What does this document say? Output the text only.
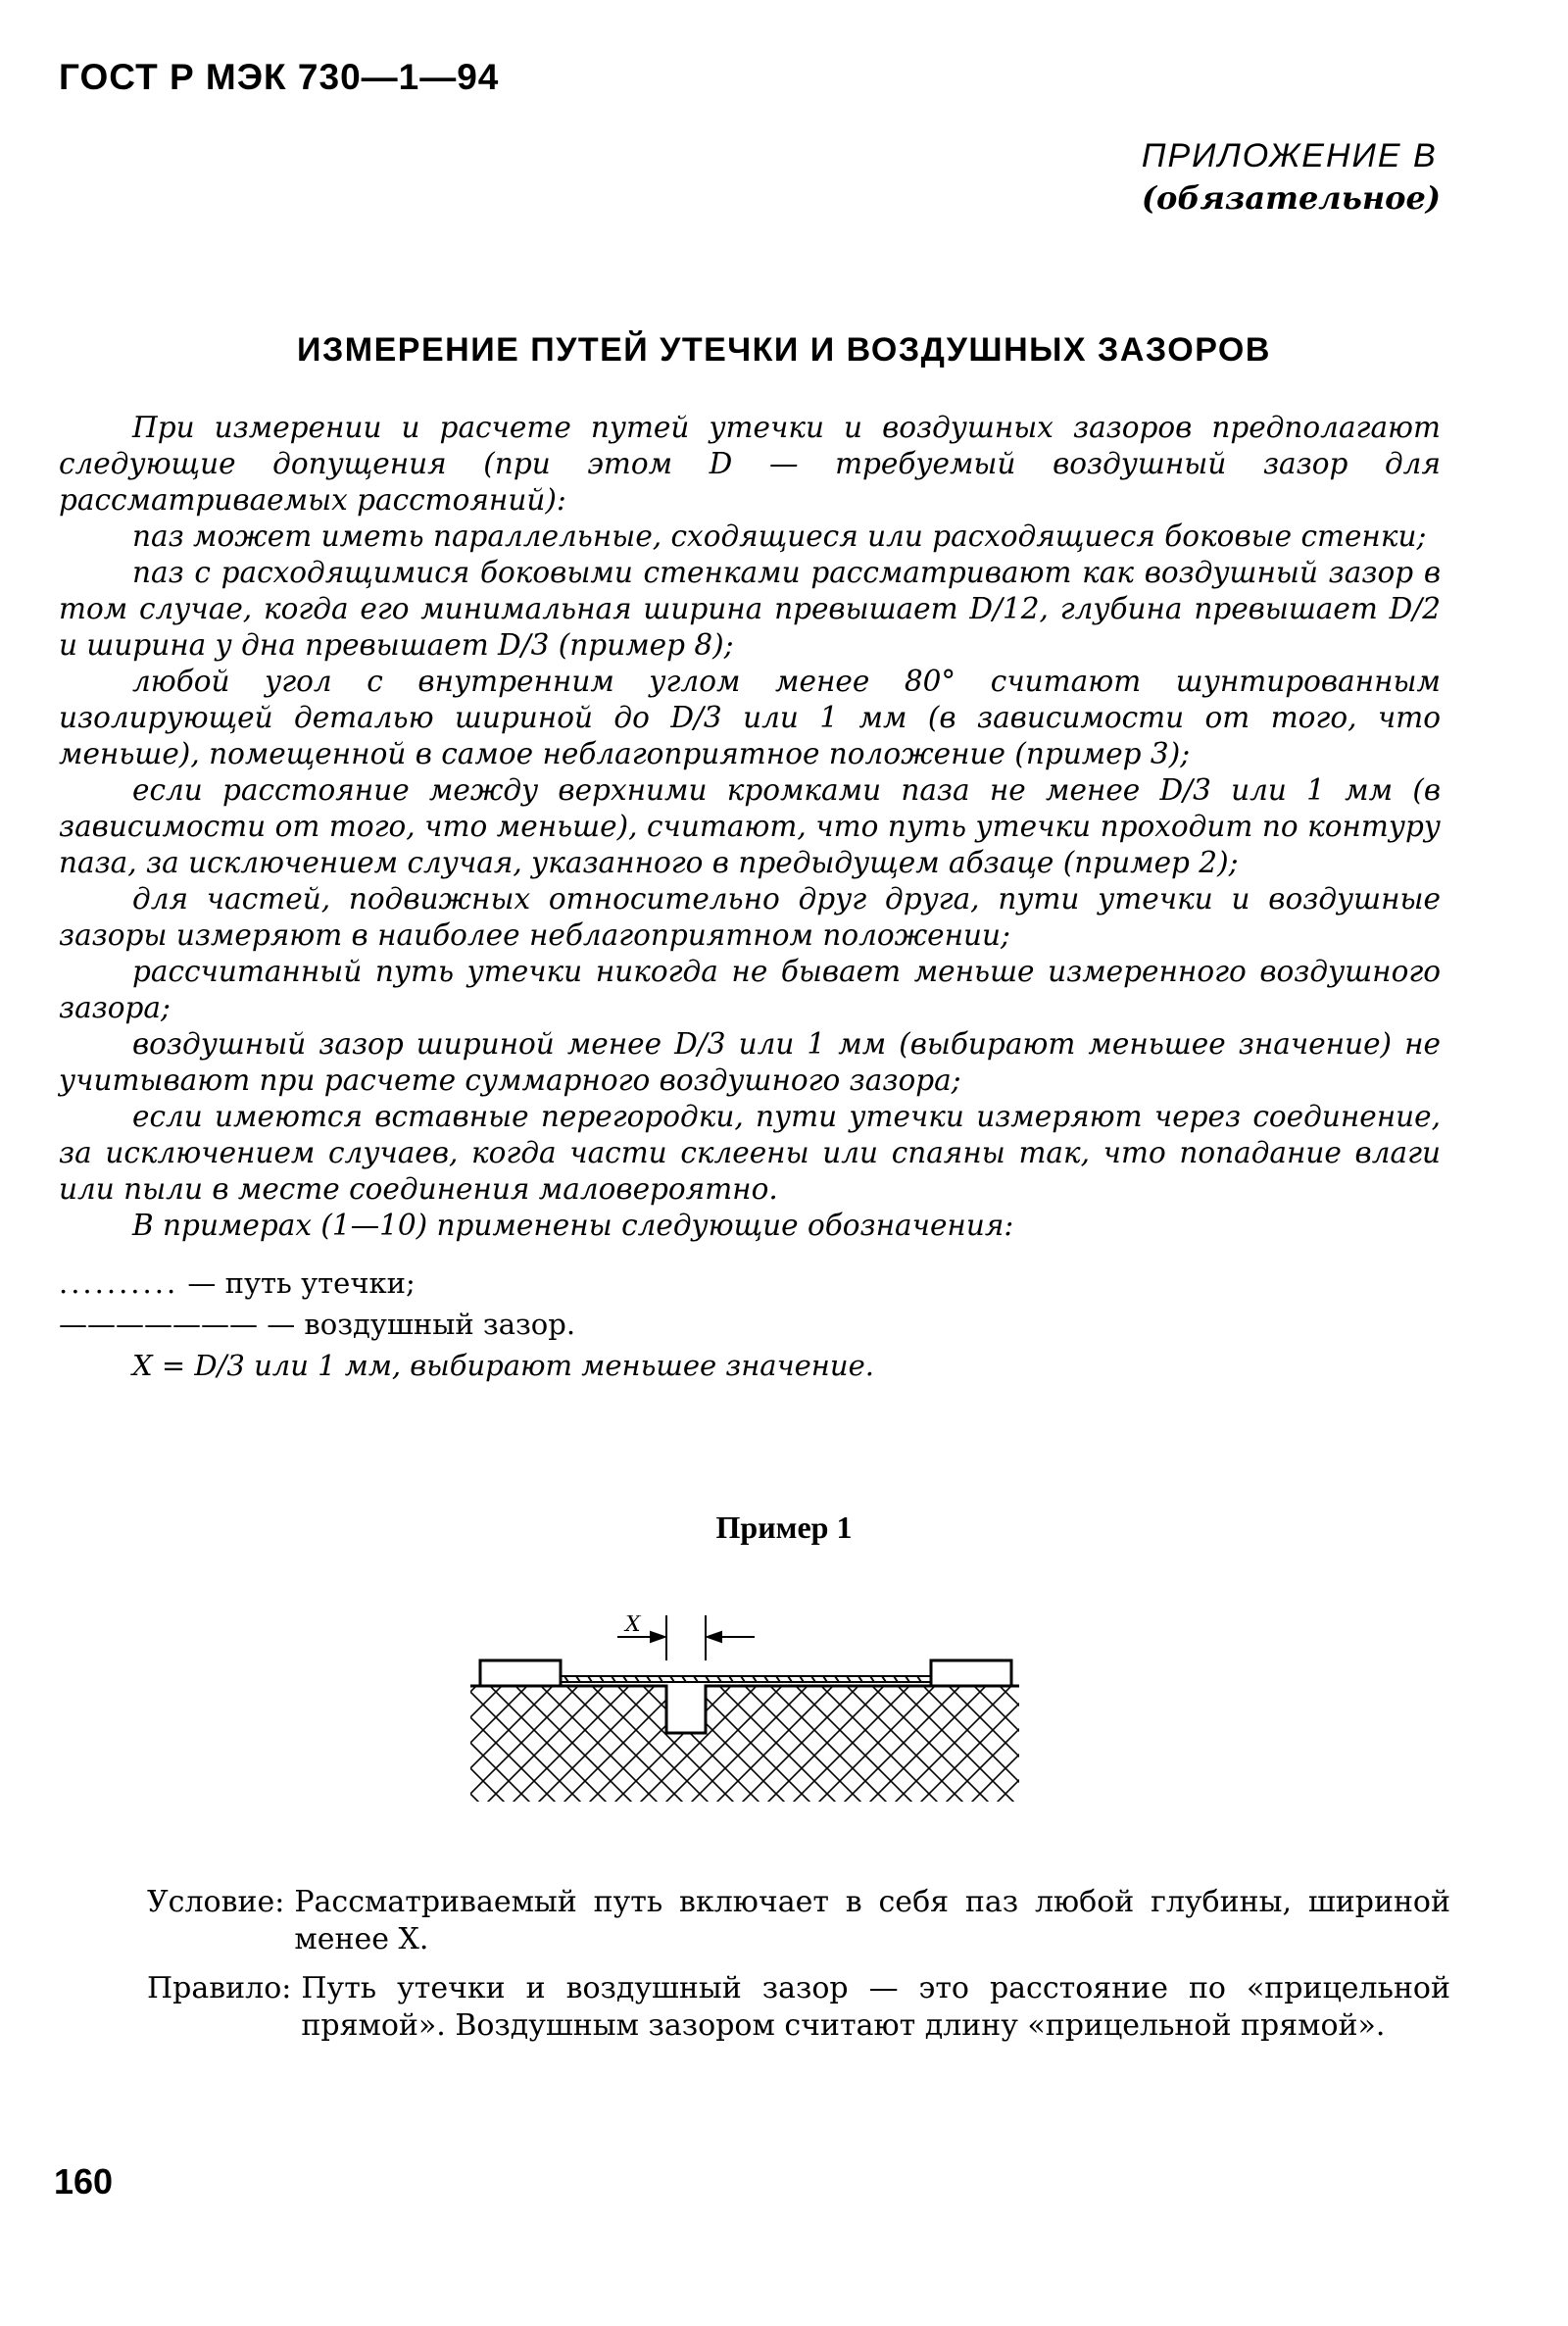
ГОСТ Р МЭК 730—1—94
ПРИЛОЖЕНИЕ В
(обязательное)
ИЗМЕРЕНИЕ ПУТЕЙ УТЕЧКИ И ВОЗДУШНЫХ ЗАЗОРОВ

При измерении и расчете путей утечки и воздушных зазоров предполагают следующие допущения (при этом D — требуемый воздушный зазор для рассматриваемых расстояний):

паз может иметь параллельные, сходящиеся или расходящиеся боковые стенки;

паз с расходящимися боковыми стенками рассматривают как воздушный зазор в том случае, когда его минимальная ширина превышает D/12, глубина превышает D/2 и ширина у дна превышает D/3 (пример 8);

любой угол с внутренним углом менее 80° считают шунтированным изолирующей деталью шириной до D/3 или 1 мм (в зависимости от того, что меньше), помещенной в самое неблагоприятное положение (пример 3);

если расстояние между верхними кромками паза не менее D/3 или 1 мм (в зависимости от того, что меньше), считают, что путь утечки проходит по контуру паза, за исключением случая, указанного в предыдущем абзаце (пример 2);

для частей, подвижных относительно друг друга, пути утечки и воздушные зазоры измеряют в наиболее неблагоприятном положении;

рассчитанный путь утечки никогда не бывает меньше измеренного воздушного зазора;

воздушный зазор шириной менее D/3 или 1 мм (выбирают меньшее значение) не учитывают при расчете суммарного воздушного зазора;

если имеются вставные перегородки, пути утечки измеряют через соединение, за исключением случаев, когда части склеены или спаяны так, что попадание влаги или пыли в месте соединения маловероятно.

В примерах (1—10) применены следующие обозначения:

.......... — путь утечки;
——————— — воздушный зазор.
X = D/3 или 1 мм, выбирают меньшее значение.
Пример 1
X
Условие: Рассматриваемый путь включает в себя паз любой глубины, шириной менее X.
Правило: Путь утечки и воздушный зазор — это расстояние по «прицельной прямой». Воздушным зазором считают длину «прицельной прямой».
160
